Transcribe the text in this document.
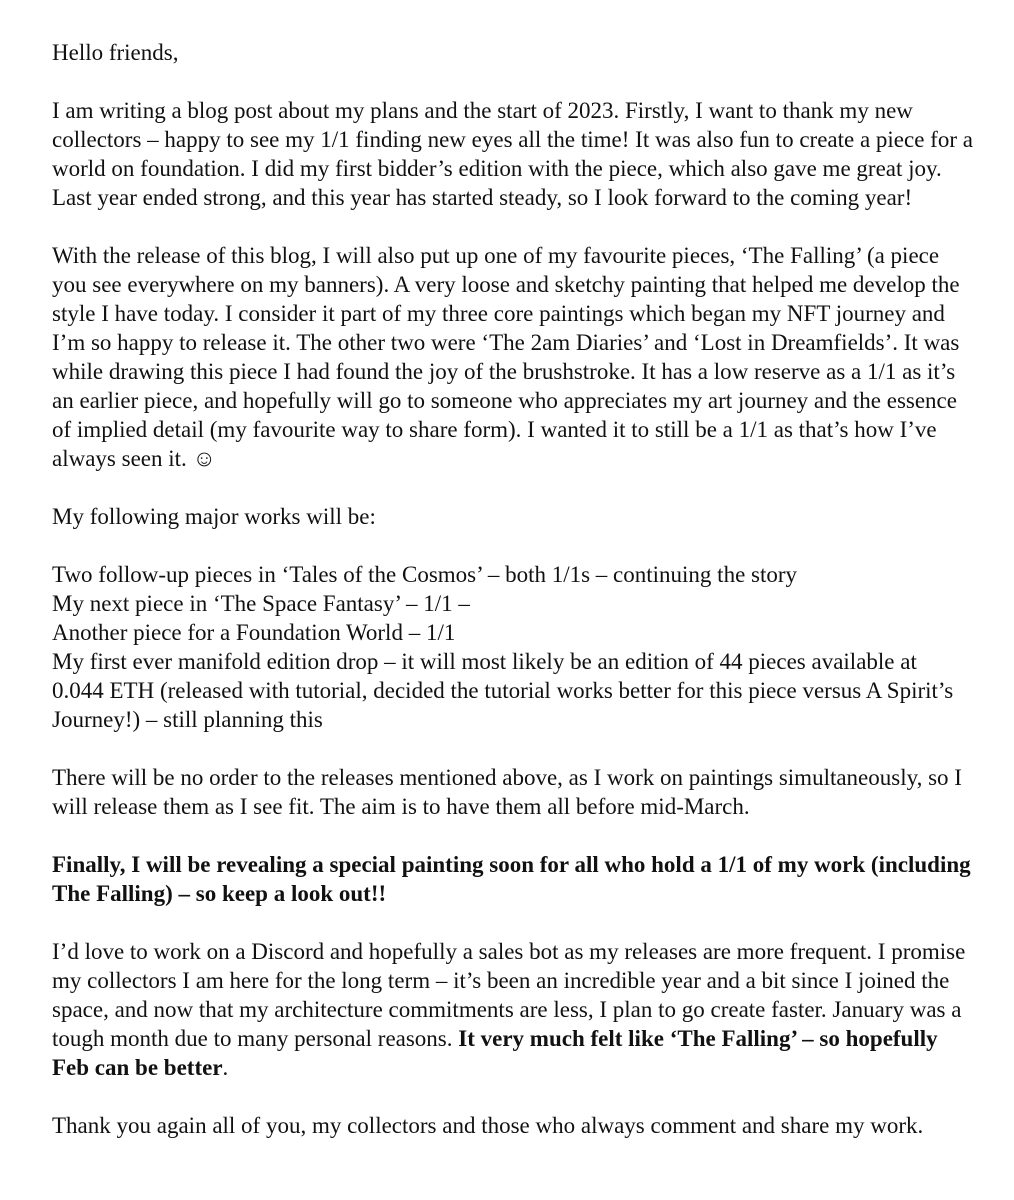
Hello friends,

I am writing a blog post about my plans and the start of 2023. Firstly, I want to thank my new collectors – happy to see my 1/1 finding new eyes all the time! It was also fun to create a piece for a world on foundation. I did my first bidder’s edition with the piece, which also gave me great joy. Last year ended strong, and this year has started steady, so I look forward to the coming year!

With the release of this blog, I will also put up one of my favourite pieces, ‘The Falling’ (a piece you see everywhere on my banners). A very loose and sketchy painting that helped me develop the style I have today. I consider it part of my three core paintings which began my NFT journey and I’m so happy to release it. The other two were ‘The 2am Diaries’ and ‘Lost in Dreamfields’. It was while drawing this piece I had found the joy of the brushstroke. It has a low reserve as a 1/1 as it’s an earlier piece, and hopefully will go to someone who appreciates my art journey and the essence of implied detail (my favourite way to share form). I wanted it to still be a 1/1 as that’s how I’ve always seen it. ☺

My following major works will be:

Two follow-up pieces in ‘Tales of the Cosmos’ – both 1/1s – continuing the story
My next piece in ‘The Space Fantasy’ – 1/1 –
Another piece for a Foundation World – 1/1
My first ever manifold edition drop – it will most likely be an edition of 44 pieces available at 0.044 ETH (released with tutorial, decided the tutorial works better for this piece versus A Spirit’s Journey!) – still planning this

There will be no order to the releases mentioned above, as I work on paintings simultaneously, so I will release them as I see fit. The aim is to have them all before mid-March.

Finally, I will be revealing a special painting soon for all who hold a 1/1 of my work (including The Falling) – so keep a look out!!

I’d love to work on a Discord and hopefully a sales bot as my releases are more frequent. I promise my collectors I am here for the long term – it’s been an incredible year and a bit since I joined the space, and now that my architecture commitments are less, I plan to go create faster. January was a tough month due to many personal reasons. It very much felt like ‘The Falling’ – so hopefully Feb can be better.

Thank you again all of you, my collectors and those who always comment and share my work.
